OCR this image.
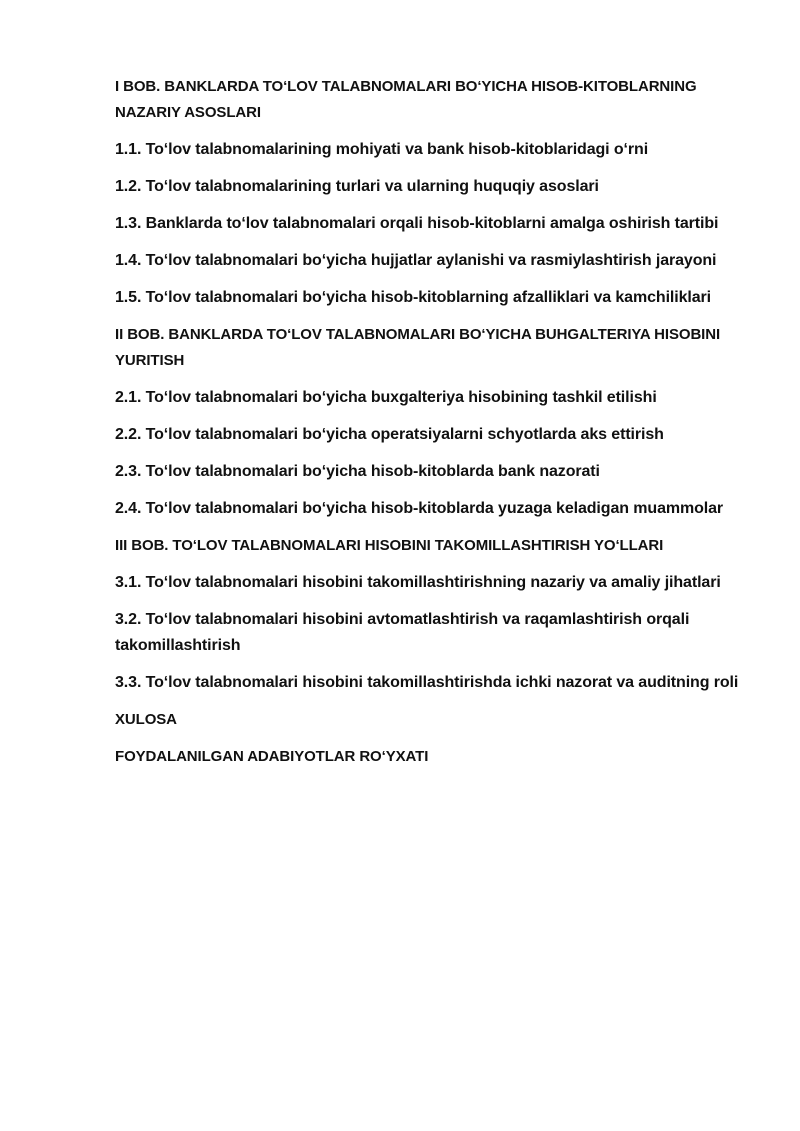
I BOB. BANKLARDA TO‘LOV TALABNOMALARI BO‘YICHA HISOB-KITOBLARNING NAZARIY ASOSLARI
1.1. To‘lov talabnomalarining mohiyati va bank hisob-kitoblaridagi o‘rni
1.2. To‘lov talabnomalarining turlari va ularning huquqiy asoslari
1.3. Banklarda to‘lov talabnomalari orqali hisob-kitoblarni amalga oshirish tartibi
1.4. To‘lov talabnomalari bo‘yicha hujjatlar aylanishi va rasmiylashtirish jarayoni
1.5. To‘lov talabnomalari bo‘yicha hisob-kitoblarning afzalliklari va kamchiliklari
II BOB. BANKLARDA TO‘LOV TALABNOMALARI BO‘YICHA BUHGALTERIYA HISOBINI YURITISH
2.1. To‘lov talabnomalari bo‘yicha buxgalteriya hisobining tashkil etilishi
2.2. To‘lov talabnomalari bo‘yicha operatsiyalarni schyotlarda aks ettirish
2.3. To‘lov talabnomalari bo‘yicha hisob-kitoblarda bank nazorati
2.4. To‘lov talabnomalari bo‘yicha hisob-kitoblarda yuzaga keladigan muammolar
III BOB. TO‘LOV TALABNOMALARI HISOBINI TAKOMILLASHTIRISH YO‘LLARI
3.1. To‘lov talabnomalari hisobini takomillashtirishning nazariy va amaliy jihatlari
3.2. To‘lov talabnomalari hisobini avtomatlashtirish va raqamlashtirish orqali takomillashtirish
3.3. To‘lov talabnomalari hisobini takomillashtirishda ichki nazorat va auditning roli
XULOSA
FOYDALANILGAN ADABIYOTLAR RO‘YXATI
